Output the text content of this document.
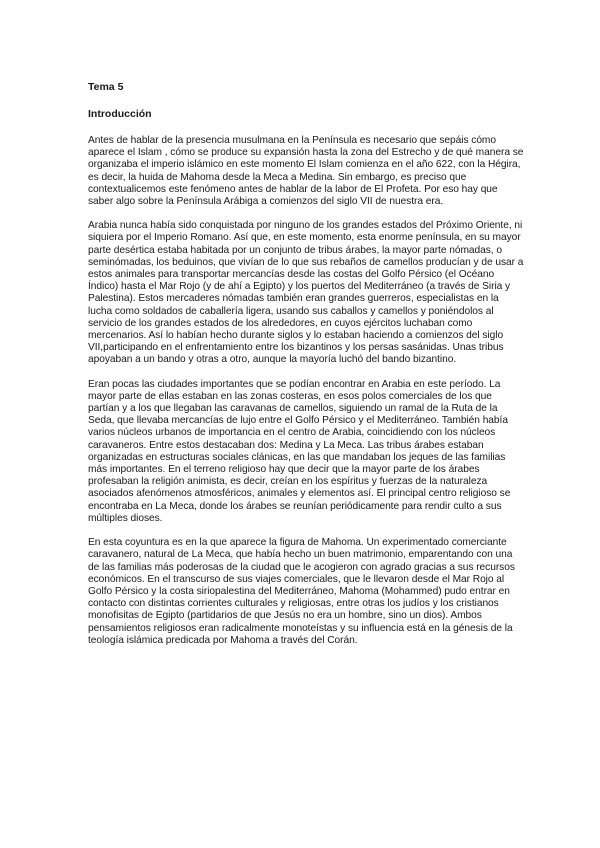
Tema 5

Introducción

Antes de hablar de la presencia musulmana en la Península es necesario que sepáis cómo aparece el Islam , cómo se produce su expansión hasta la zona del Estrecho y de qué manera se organizaba el imperio islámico en este momento El Islam comienza en el año 622, con la Hégira, es decir, la huida de Mahoma desde la Meca a Medina. Sin embargo, es preciso que contextualicemos este fenómeno antes de hablar de la labor de El Profeta. Por eso hay que saber algo sobre la Península Arábiga a comienzos del siglo VII de nuestra era.

Arabia nunca había sido conquistada por ninguno de los grandes estados del Próximo Oriente, ni siquiera por el Imperio Romano. Así que, en este momento, esta enorme península, en su mayor parte desértica estaba habitada por un conjunto de tribus árabes, la mayor parte nómadas, o seminómadas, los beduinos, que vivían de lo que sus rebaños de camellos producían y de usar a estos animales para transportar mercancías desde las costas del Golfo Pérsico (el Océano Índico) hasta el Mar Rojo (y de ahí a Egipto) y los puertos del Mediterráneo (a través de Siria y Palestina). Estos mercaderes nómadas también eran grandes guerreros, especialistas en la lucha como soldados de caballería ligera, usando sus caballos y camellos y poniéndolos al servicio de los grandes estados de los alrededores, en cuyos ejércitos luchaban como mercenarios. Así lo habían hecho durante siglos y lo estaban haciendo a comienzos del siglo VII,participando en el enfrentamiento entre los bizantinos y los persas sasánidas. Unas tribus apoyaban a un bando y otras a otro, aunque la mayoría luchó del bando bizantino.

Eran pocas las ciudades importantes que se podían encontrar en Arabia en este período. La mayor parte de ellas estaban en las zonas costeras, en esos polos comerciales de los que partían y a los que llegaban las caravanas de camellos, siguiendo un ramal de la Ruta de la Seda, que llevaba mercancías de lujo entre el Golfo Pérsico y el Mediterráneo. También había varios núcleos urbanos de importancia en el centro de Arabia, coincidiendo con los núcleos caravaneros. Entre estos destacaban dos: Medina y La Meca. Las tribus árabes estaban organizadas en estructuras sociales clánicas, en las que mandaban los jeques de las familias más importantes. En el terreno religioso hay que decir que la mayor parte de los árabes profesaban la religión animista, es decir, creían en los espíritus y fuerzas de la naturaleza asociados afenómenos atmosféricos, animales y elementos así. El principal centro religioso se encontraba en La Meca, donde los árabes se reunían periódicamente para rendir culto a sus múltiples dioses.

En esta coyuntura es en la que aparece la figura de Mahoma. Un experimentado comerciante caravanero, natural de La Meca, que había hecho un buen matrimonio, emparentando con una de las familias más poderosas de la ciudad que le acogieron con agrado gracias a sus recursos económicos. En el transcurso de sus viajes comerciales, que le llevaron desde el Mar Rojo al Golfo Pérsico y la costa siriopalestina del Mediterráneo, Mahoma (Mohammed) pudo entrar en contacto con distintas corrientes culturales y religiosas, entre otras los judíos y los cristianos monofisitas de Egipto (partidarios de que Jesús no era un hombre, sino un dios). Ambos pensamientos religiosos eran radicalmente monoteístas y su influencia está en la génesis de la teología islámica predicada por Mahoma a través del Corán.
